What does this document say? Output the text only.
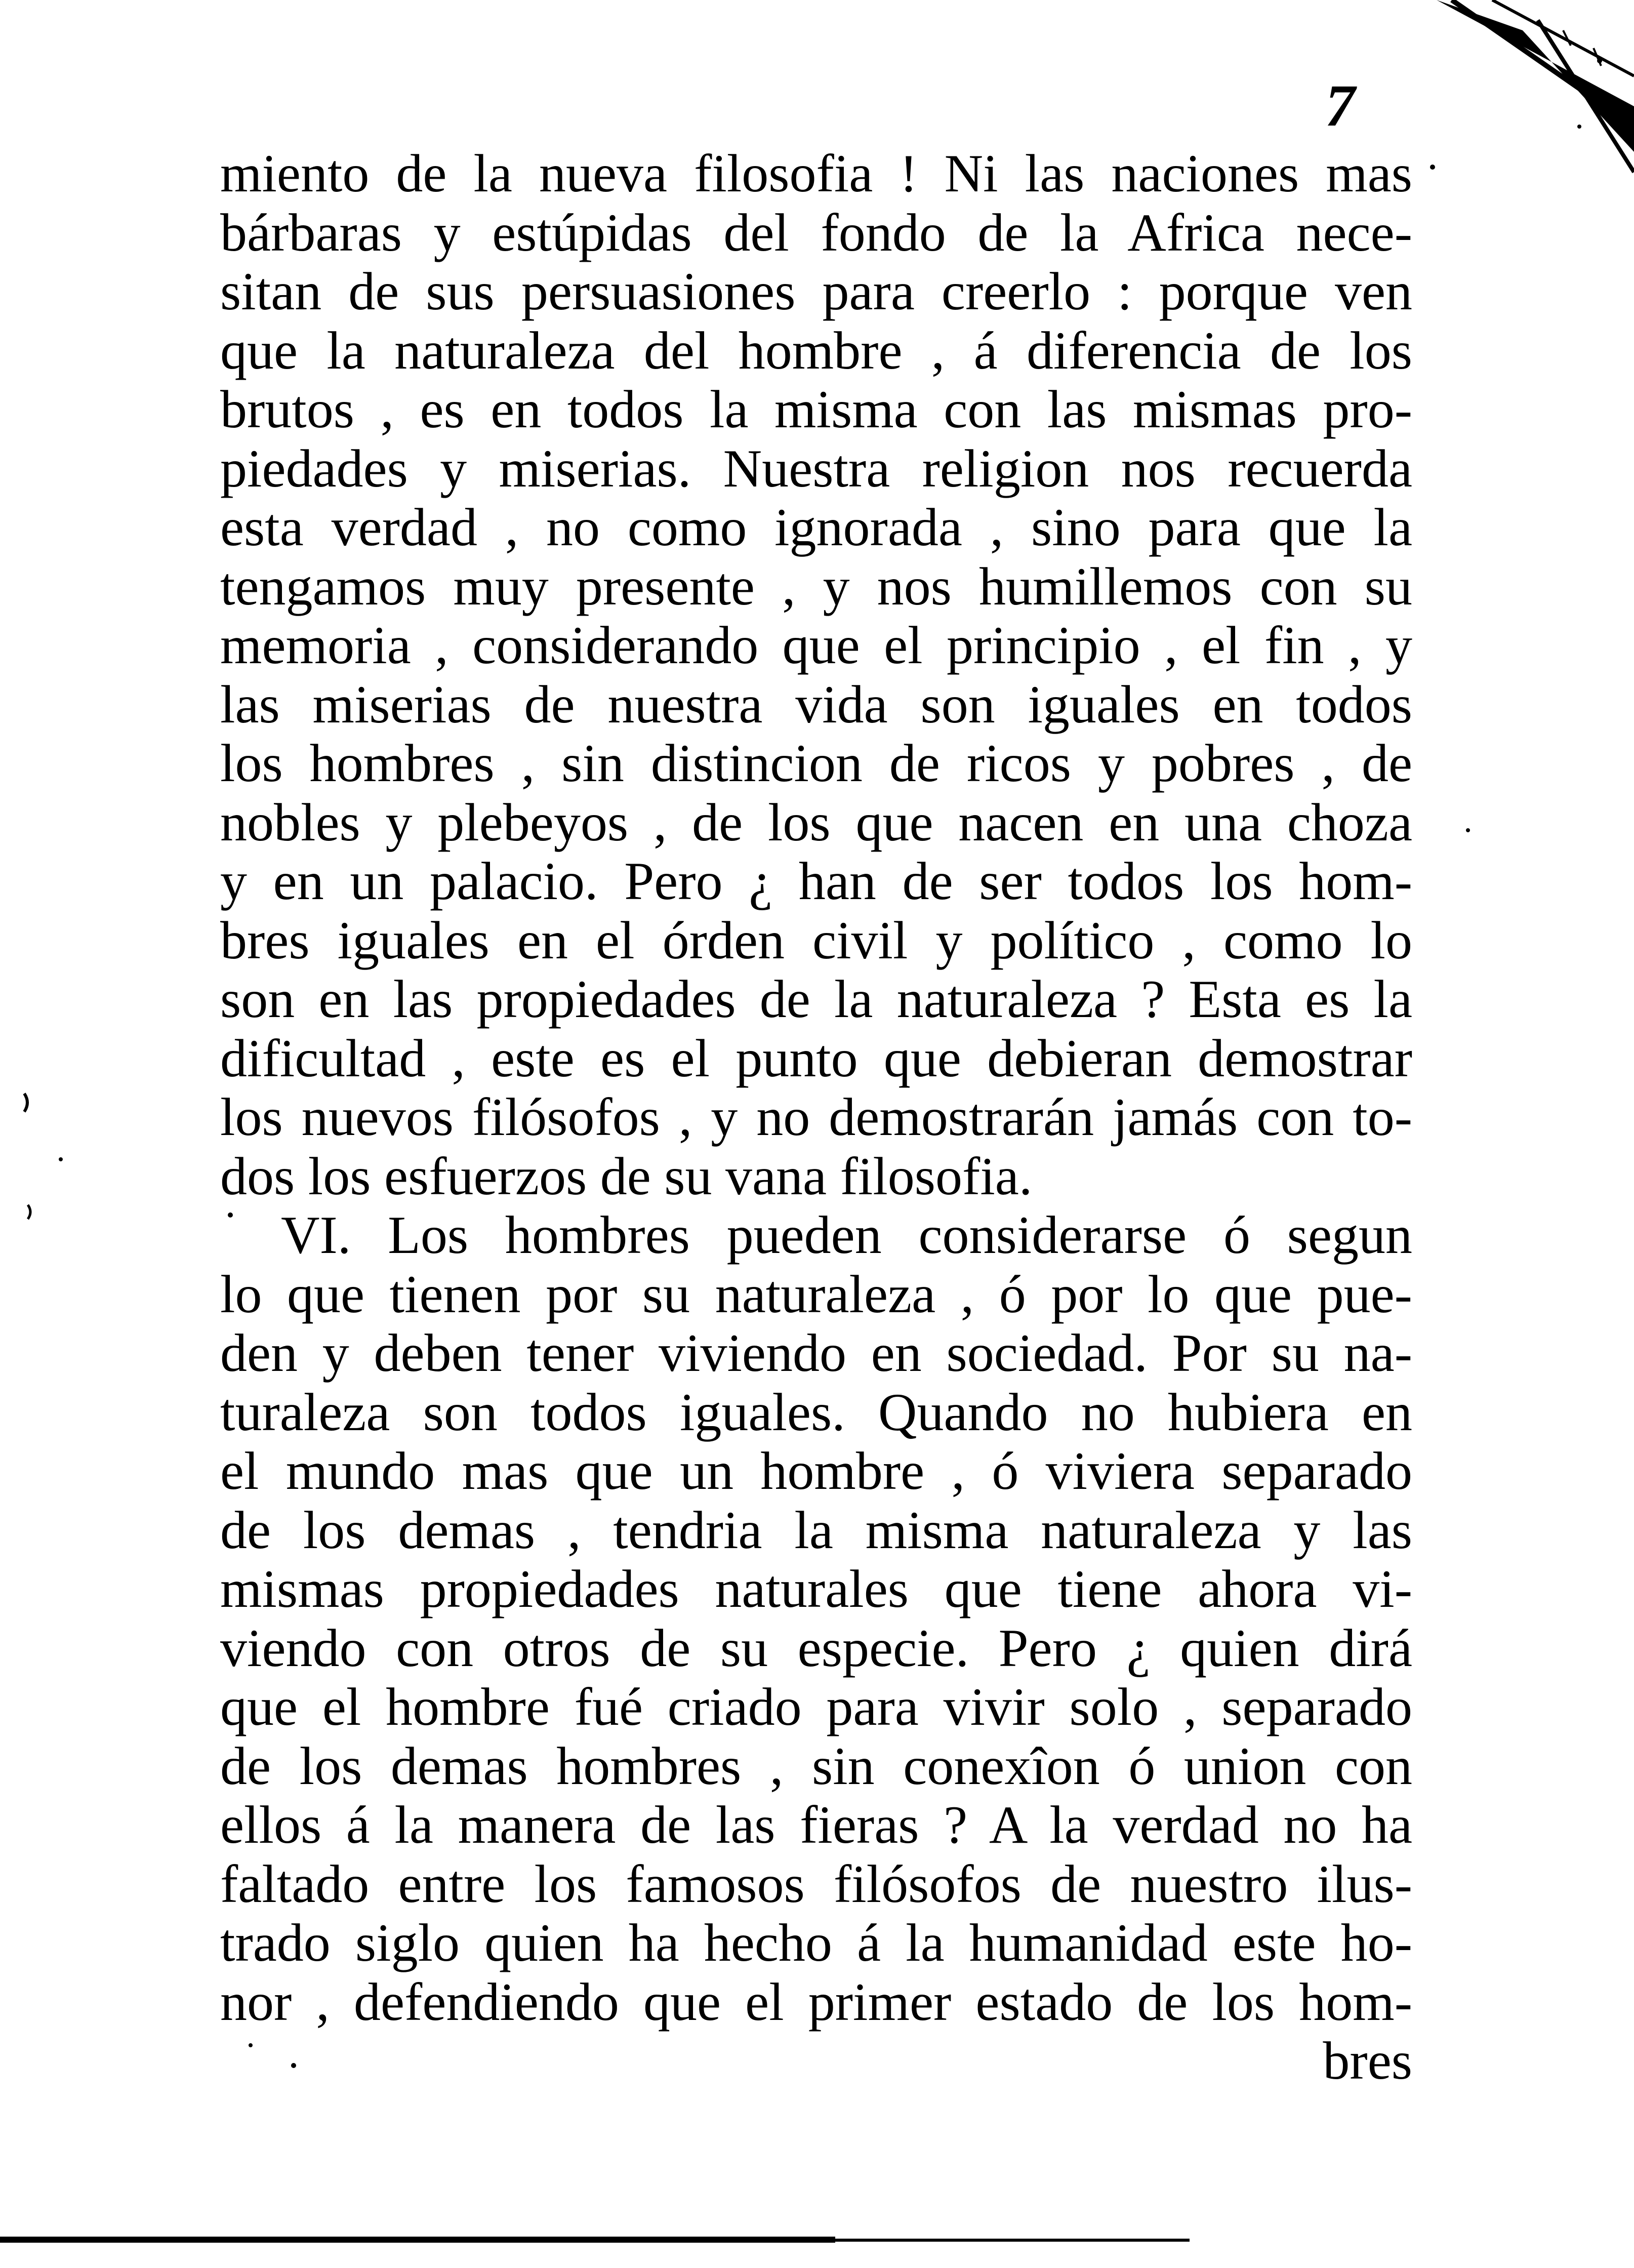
7
miento de la nueva filosofia ! Ni las naciones mas
bárbaras y estúpidas del fondo de la Africa nece-
sitan de sus persuasiones para creerlo : porque ven
que la naturaleza del hombre , á diferencia de los
brutos , es en todos la misma con las mismas pro-
piedades y miserias. Nuestra religion nos recuerda
esta verdad , no como ignorada , sino para que la
tengamos muy presente , y nos humillemos con su
memoria , considerando que el principio , el fin , y
las miserias de nuestra vida son iguales en todos
los hombres , sin distincion de ricos y pobres , de
nobles y plebeyos , de los que nacen en una choza
y en un palacio. Pero ¿ han de ser todos los hom-
bres iguales en el órden civil y político , como lo
son en las propiedades de la naturaleza ? Esta es la
dificultad , este es el punto que debieran demostrar
los nuevos filósofos , y no demostrarán jamás con to-
dos los esfuerzos de su vana filosofia.
VI. Los hombres pueden considerarse ó segun
lo que tienen por su naturaleza , ó por lo que pue-
den y deben tener viviendo en sociedad. Por su na-
turaleza son todos iguales. Quando no hubiera en
el mundo mas que un hombre , ó viviera separado
de los demas , tendria la misma naturaleza y las
mismas propiedades naturales que tiene ahora vi-
viendo con otros de su especie. Pero ¿ quien dirá
que el hombre fué criado para vivir solo , separado
de los demas hombres , sin conexîon ó union con
ellos á la manera de las fieras ? A la verdad no ha
faltado entre los famosos filósofos de nuestro ilus-
trado siglo quien ha hecho á la humanidad este ho-
nor , defendiendo que el primer estado de los hom-
bres
